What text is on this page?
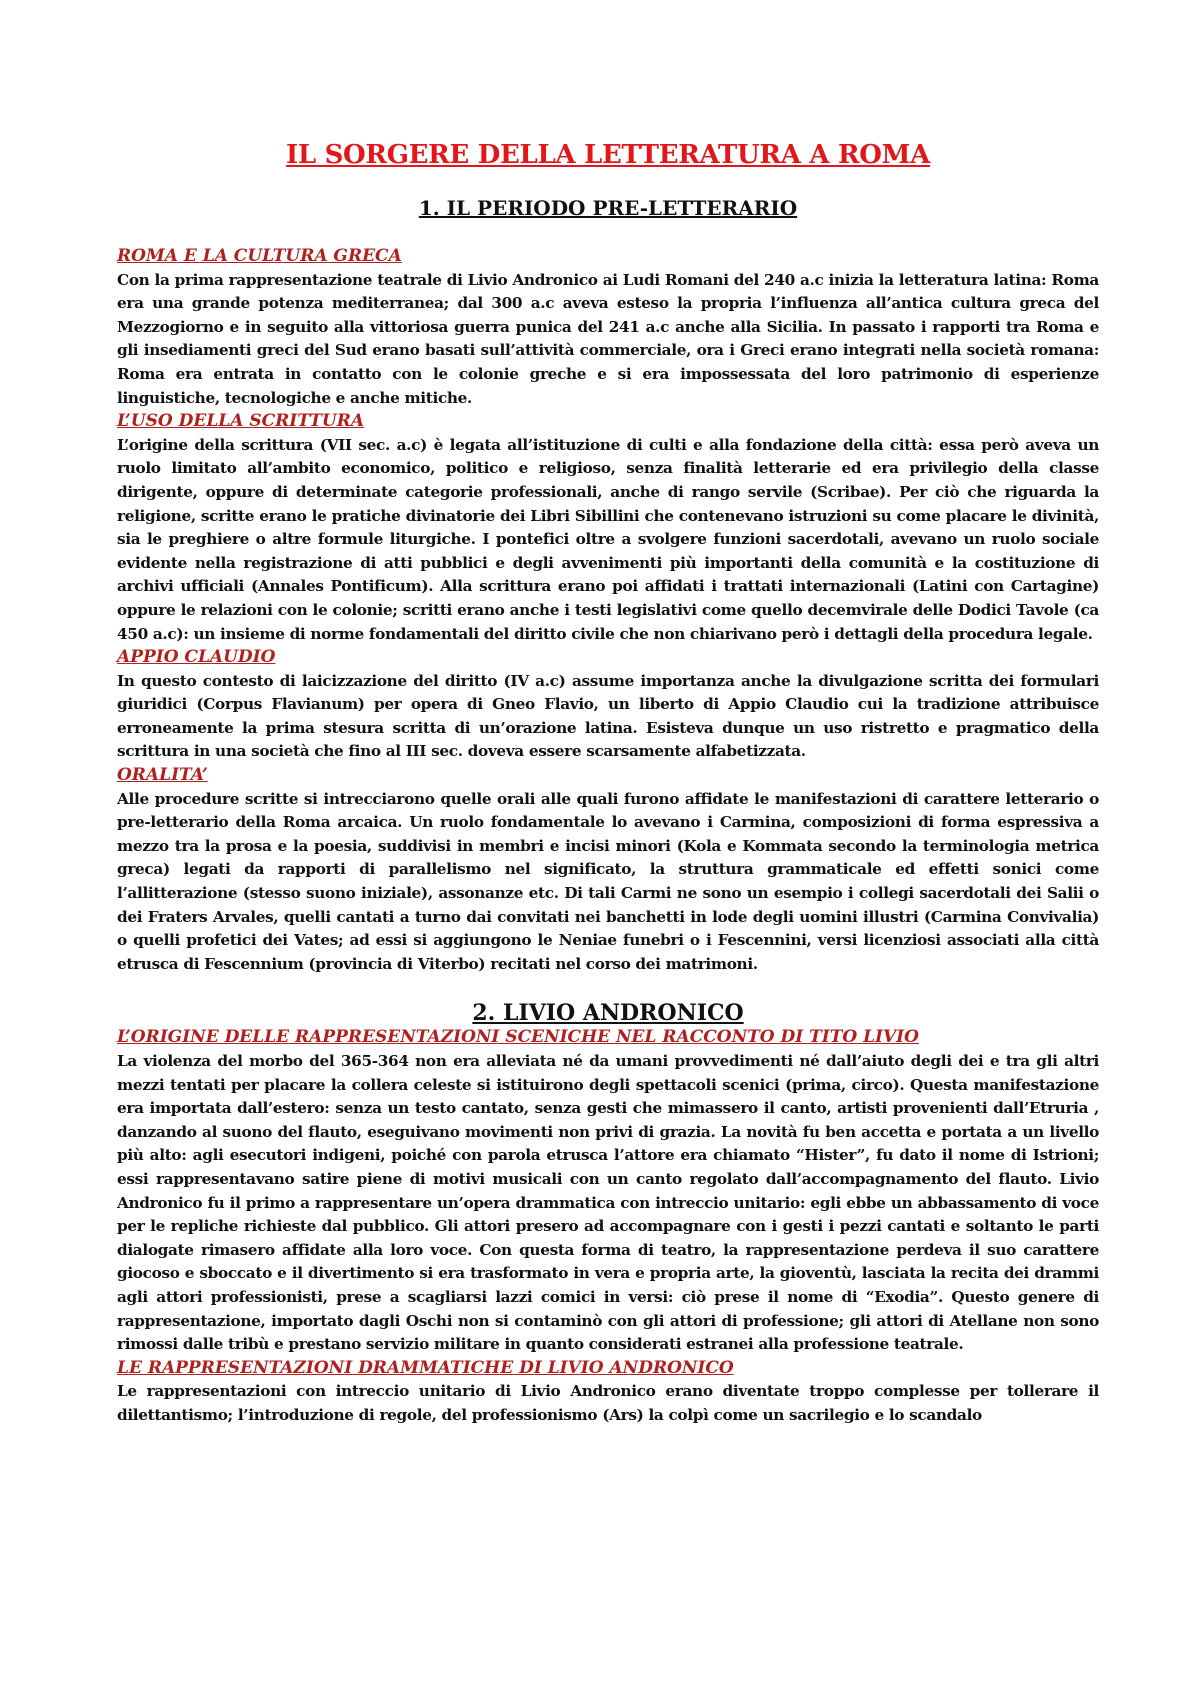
IL SORGERE DELLA LETTERATURA A ROMA
1. IL PERIODO PRE-LETTERARIO
ROMA E LA CULTURA GRECA

Con la prima rappresentazione teatrale di Livio Andronico ai Ludi Romani del 240 a.c inizia la letteratura latina: Roma era una grande potenza mediterranea; dal 300 a.c aveva esteso la propria l’influenza all’antica cultura greca del Mezzogiorno e in seguito alla vittoriosa guerra punica del 241 a.c anche alla Sicilia. In passato i rapporti tra Roma e gli insediamenti greci del Sud erano basati sull’attività commerciale, ora i Greci erano integrati nella società romana: Roma era entrata in contatto con le colonie greche e si era impossessata del loro patrimonio di esperienze linguistiche, tecnologiche e anche mitiche.

L’USO DELLA SCRITTURA

L’origine della scrittura (VII sec. a.c) è legata all’istituzione di culti e alla fondazione della città: essa però aveva un ruolo limitato all’ambito economico, politico e religioso, senza finalità letterarie ed era privilegio della classe dirigente, oppure di determinate categorie professionali, anche di rango servile (Scribae). Per ciò che riguarda la religione, scritte erano le pratiche divinatorie dei Libri Sibillini che contenevano istruzioni su come placare le divinità, sia le preghiere o altre formule liturgiche. I pontefici oltre a svolgere funzioni sacerdotali, avevano un ruolo sociale evidente nella registrazione di atti pubblici e degli avvenimenti più importanti della comunità e la costituzione di archivi ufficiali (Annales Pontificum). Alla scrittura erano poi affidati i trattati internazionali (Latini con Cartagine) oppure le relazioni con le colonie; scritti erano anche i testi legislativi come quello decemvirale delle Dodici Tavole (ca 450 a.c): un insieme di norme fondamentali del diritto civile che non chiarivano però i dettagli della procedura legale.

APPIO CLAUDIO

In questo contesto di laicizzazione del diritto (IV a.c) assume importanza anche la divulgazione scritta dei formulari giuridici (Corpus Flavianum) per opera di Gneo Flavio, un liberto di Appio Claudio cui la tradizione attribuisce erroneamente la prima stesura scritta di un’orazione latina. Esisteva dunque un uso ristretto e pragmatico della scrittura in una società che fino al III sec. doveva essere scarsamente alfabetizzata.

ORALITA’

Alle procedure scritte si intrecciarono quelle orali alle quali furono affidate le manifestazioni di carattere letterario o pre-letterario della Roma arcaica. Un ruolo fondamentale lo avevano i Carmina, composizioni di forma espressiva a mezzo tra la prosa e la poesia, suddivisi in membri e incisi minori (Kola e Kommata secondo la terminologia metrica greca) legati da rapporti di parallelismo nel significato, la struttura grammaticale ed effetti sonici come l’allitterazione (stesso suono iniziale), assonanze etc. Di tali Carmi ne sono un esempio i collegi sacerdotali dei Salii o dei Fraters Arvales, quelli cantati a turno dai convitati nei banchetti in lode degli uomini illustri (Carmina Convivalia) o quelli profetici dei Vates; ad essi si aggiungono le Neniae funebri o i Fescennini, versi licenziosi associati alla città etrusca di Fescennium (provincia di Viterbo) recitati nel corso dei matrimoni.

2. LIVIO ANDRONICO
L’ORIGINE DELLE RAPPRESENTAZIONI SCENICHE NEL RACCONTO DI TITO LIVIO

La violenza del morbo del 365-364 non era alleviata né da umani provvedimenti né dall’aiuto degli dei e tra gli altri mezzi tentati per placare la collera celeste si istituirono degli spettacoli scenici (prima, circo). Questa manifestazione era importata dall’estero: senza un testo cantato, senza gesti che mimassero il canto, artisti provenienti dall’Etruria , danzando al suono del flauto, eseguivano movimenti non privi di grazia. La novità fu ben accetta e portata a un livello più alto: agli esecutori indigeni, poiché con parola etrusca l’attore era chiamato “Hister”, fu dato il nome di Istrioni; essi rappresentavano satire piene di motivi musicali con un canto regolato dall’accompagnamento del flauto. Livio Andronico fu il primo a rappresentare un’opera drammatica con intreccio unitario: egli ebbe un abbassamento di voce per le repliche richieste dal pubblico. Gli attori presero ad accompagnare con i gesti i pezzi cantati e soltanto le parti dialogate rimasero affidate alla loro voce. Con questa forma di teatro, la rappresentazione perdeva il suo carattere giocoso e sboccato e il divertimento si era trasformato in vera e propria arte, la gioventù, lasciata la recita dei drammi agli attori professionisti, prese a scagliarsi lazzi comici in versi: ciò prese il nome di “Exodia”. Questo genere di rappresentazione, importato dagli Oschi non si contaminò con gli attori di professione; gli attori di Atellane non sono rimossi dalle tribù e prestano servizio militare in quanto considerati estranei alla professione teatrale.

LE RAPPRESENTAZIONI DRAMMATICHE DI LIVIO ANDRONICO

Le rappresentazioni con intreccio unitario di Livio Andronico erano diventate troppo complesse per tollerare il dilettantismo; l’introduzione di regole, del professionismo (Ars) la colpì come un sacrilegio e lo scandalo
